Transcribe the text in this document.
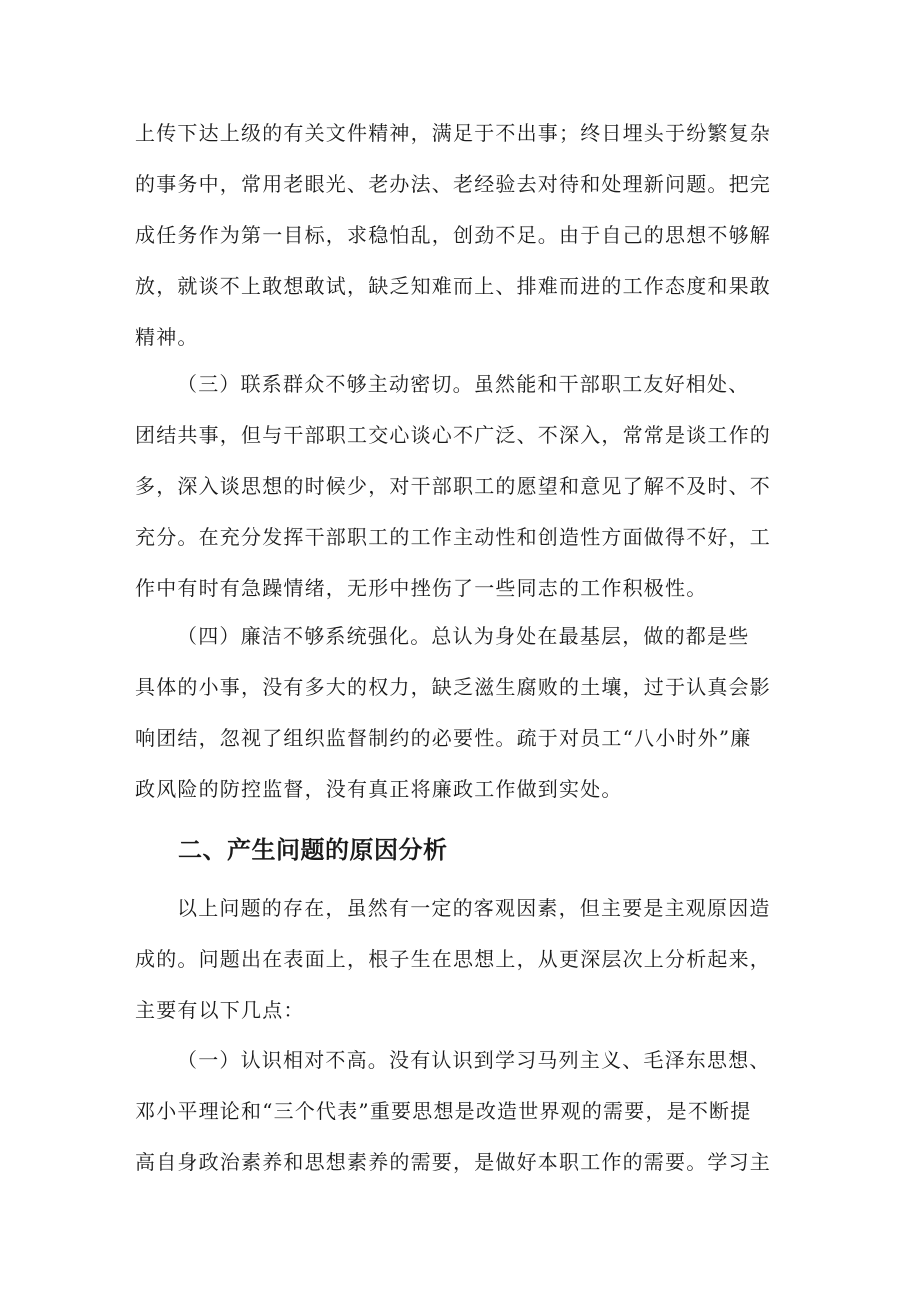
上传下达上级的有关文件精神，满足于不出事；终日埋头于纷繁复杂
的事务中，常用老眼光、老办法、老经验去对待和处理新问题。把完
成任务作为第一目标，求稳怕乱，创劲不足。由于自己的思想不够解
放，就谈不上敢想敢试，缺乏知难而上、排难而进的工作态度和果敢
精神。

（三）联系群众不够主动密切。虽然能和干部职工友好相处、
团结共事，但与干部职工交心谈心不广泛、不深入，常常是谈工作的
多，深入谈思想的时候少，对干部职工的愿望和意见了解不及时、不
充分。在充分发挥干部职工的工作主动性和创造性方面做得不好，工
作中有时有急躁情绪，无形中挫伤了一些同志的工作积极性。

（四）廉洁不够系统强化。总认为身处在最基层，做的都是些
具体的小事，没有多大的权力，缺乏滋生腐败的土壤，过于认真会影
响团结，忽视了组织监督制约的必要性。疏于对员工“八小时外”廉
政风险的防控监督，没有真正将廉政工作做到实处。

二、产生问题的原因分析

以上问题的存在，虽然有一定的客观因素，但主要是主观原因造
成的。问题出在表面上，根子生在思想上，从更深层次上分析起来，
主要有以下几点：

（一）认识相对不高。没有认识到学习马列主义、毛泽东思想、
邓小平理论和“三个代表”重要思想是改造世界观的需要，是不断提
高自身政治素养和思想素养的需要，是做好本职工作的需要。学习主
